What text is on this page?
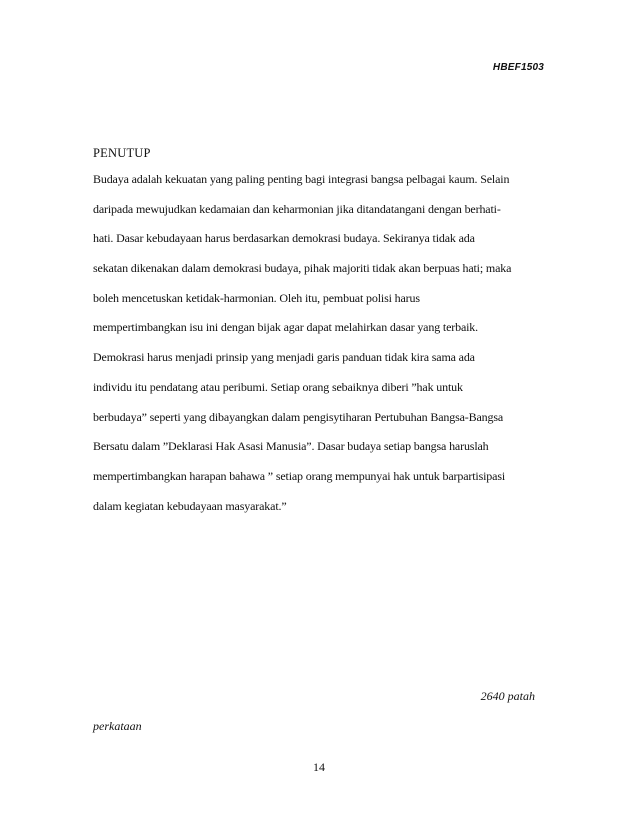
HBEF1503
PENUTUP
Budaya adalah kekuatan yang paling penting bagi integrasi bangsa pelbagai kaum. Selain
daripada mewujudkan kedamaian dan keharmonian jika ditandatangani dengan berhati-
hati. Dasar kebudayaan harus berdasarkan demokrasi budaya. Sekiranya tidak ada
sekatan dikenakan dalam demokrasi budaya, pihak majoriti tidak akan berpuas hati; maka
boleh mencetuskan ketidak-harmonian. Oleh itu, pembuat polisi harus
mempertimbangkan isu ini dengan bijak agar dapat melahirkan dasar yang terbaik.
Demokrasi harus menjadi prinsip yang menjadi garis panduan tidak kira sama ada
individu itu pendatang atau peribumi. Setiap orang sebaiknya diberi ”hak untuk
berbudaya” seperti yang dibayangkan dalam pengisytiharan Pertubuhan Bangsa-Bangsa
Bersatu dalam ”Deklarasi Hak Asasi Manusia”. Dasar budaya setiap bangsa haruslah
mempertimbangkan harapan bahawa ” setiap orang mempunyai hak untuk barpartisipasi
dalam kegiatan kebudayaan masyarakat.”
2640 patah
perkataan
14
